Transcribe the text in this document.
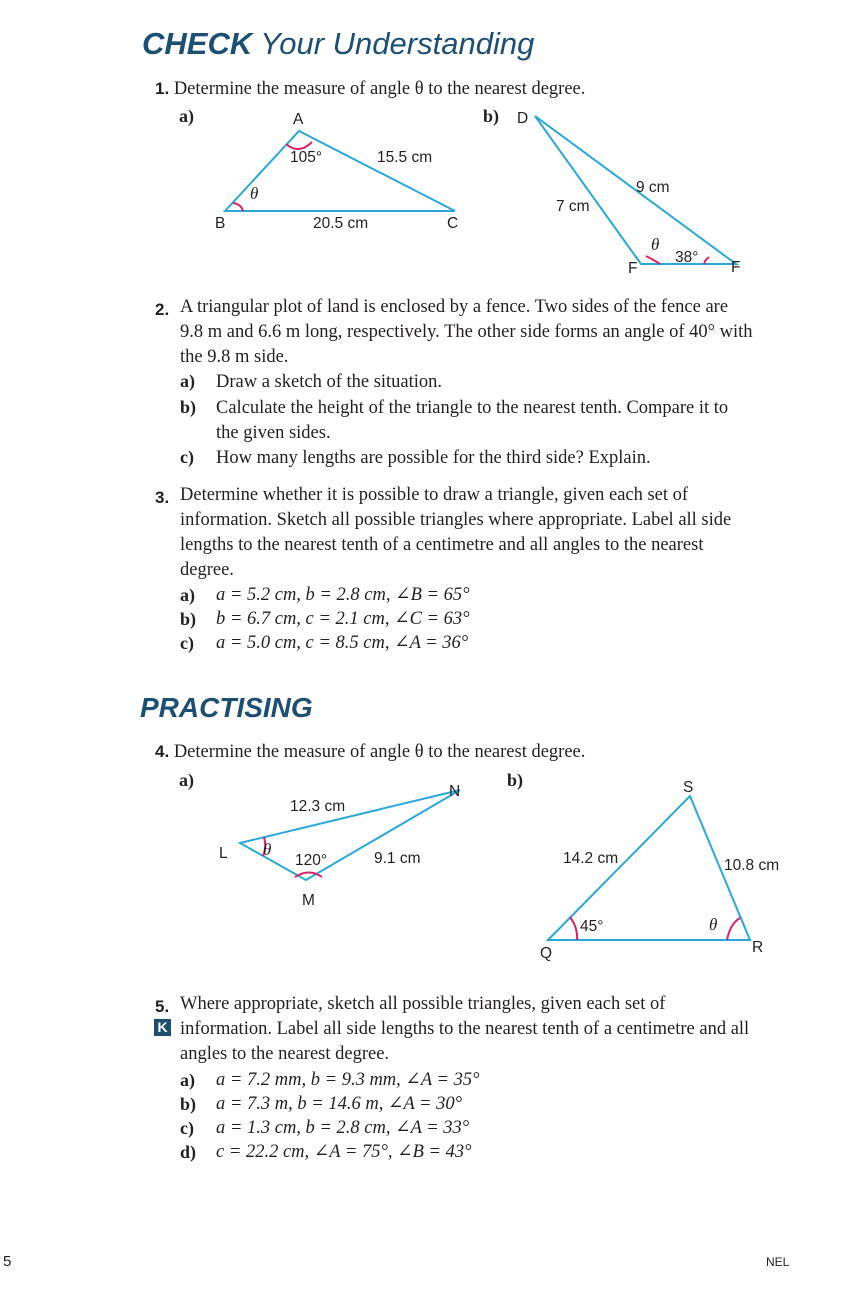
CHECK Your Understanding
1. Determine the measure of angle θ to the nearest degree.
a)	b)
A
B	C
105°
θ
15.5 cm
20.5 cm
D
F	F
9 cm
7 cm
θ
38°
2. A triangular plot of land is enclosed by a fence. Two sides of the fence are
9.8 m and 6.6 m long, respectively. The other side forms an angle of 40° with
the 9.8 m side.
a) Draw a sketch of the situation.
b) Calculate the height of the triangle to the nearest tenth. Compare it to
the given sides.
c) How many lengths are possible for the third side? Explain.
3. Determine whether it is possible to draw a triangle, given each set of
information. Sketch all possible triangles where appropriate. Label all side
lengths to the nearest tenth of a centimetre and all angles to the nearest
degree.
a) a = 5.2 cm, b = 2.8 cm, ∠B = 65°
b) b = 6.7 cm, c = 2.1 cm, ∠C = 63°
c) a = 5.0 cm, c = 8.5 cm, ∠A = 36°
PRACTISING
4. Determine the measure of angle θ to the nearest degree.
a)	b)
N
L
M
12.3 cm
9.1 cm
120°
θ
S
Q	R
14.2 cm	10.8 cm
45°	θ
5.
K
Where appropriate, sketch all possible triangles, given each set of
information. Label all side lengths to the nearest tenth of a centimetre and all
angles to the nearest degree.
a) a = 7.2 mm, b = 9.3 mm, ∠A = 35°
b) a = 7.3 m, b = 14.6 m, ∠A = 30°
c) a = 1.3 cm, b = 2.8 cm, ∠A = 33°
d) c = 22.2 cm, ∠A = 75°, ∠B = 43°
5	NEL
